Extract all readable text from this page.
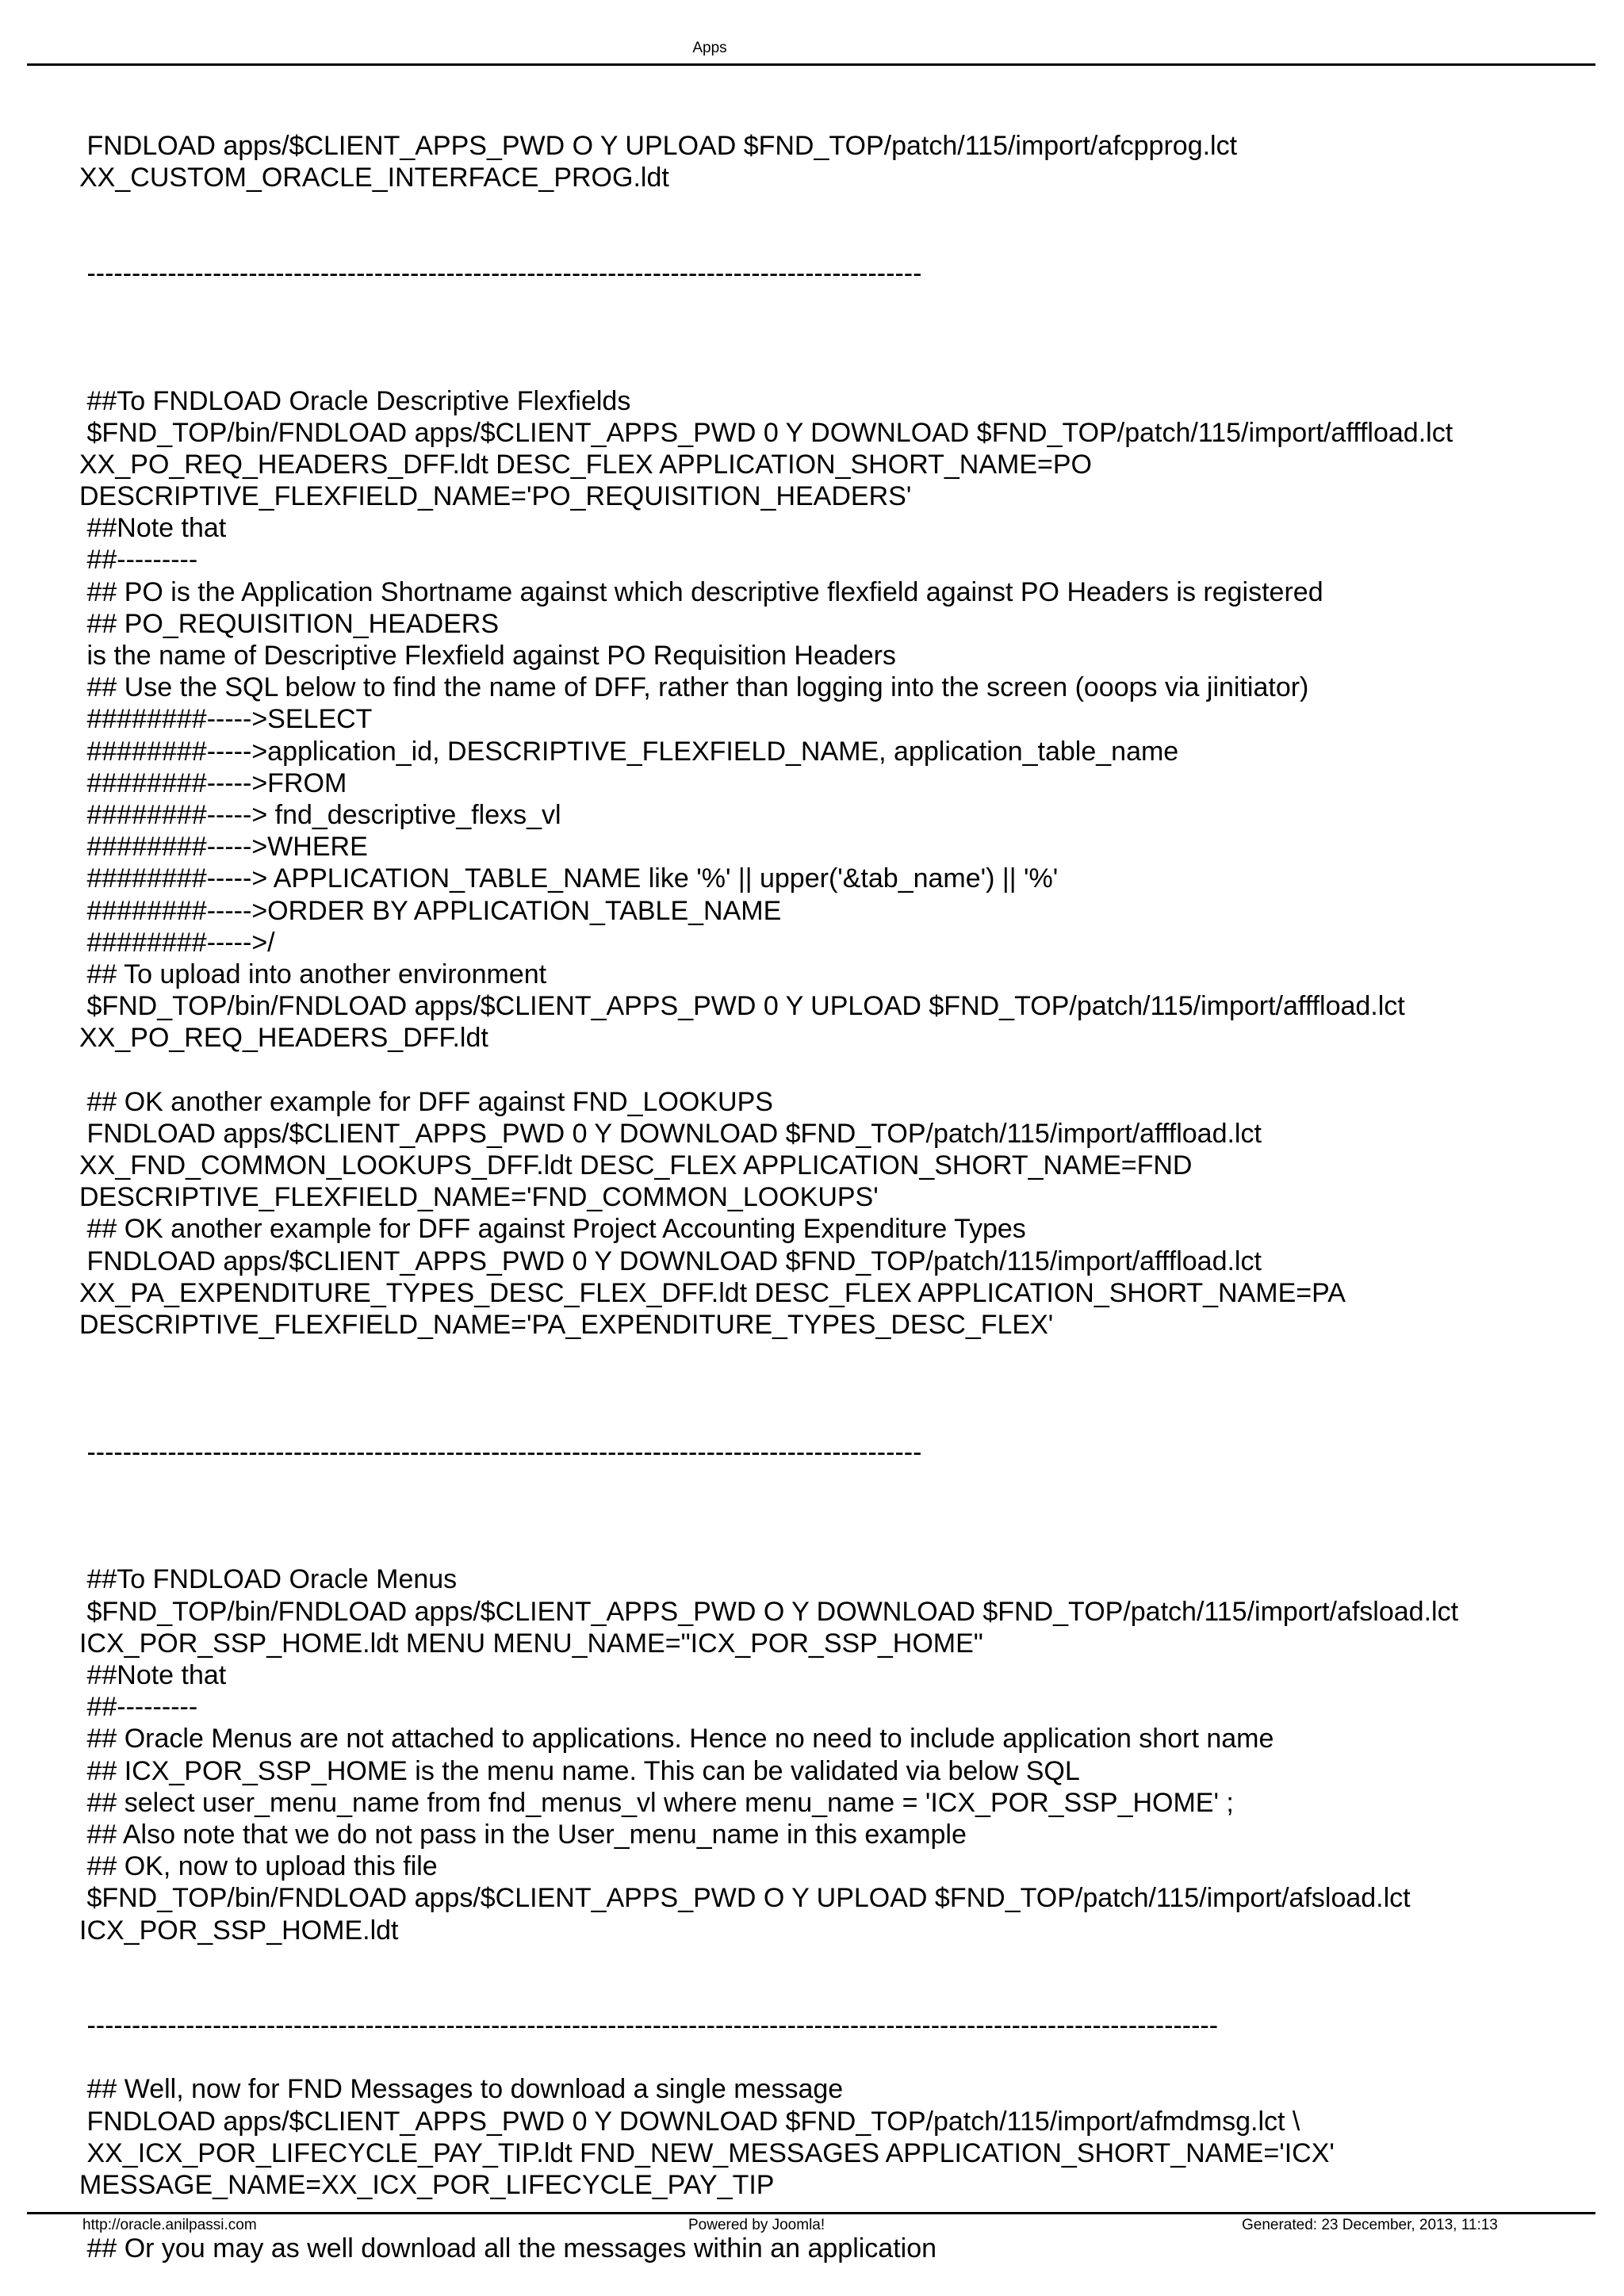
Apps
FNDLOAD apps/$CLIENT_APPS_PWD O Y UPLOAD $FND_TOP/patch/115/import/afcpprog.lct
XX_CUSTOM_ORACLE_INTERFACE_PROG.ldt
---------------------------------------------------------------------------------------------
##To FNDLOAD Oracle Descriptive Flexfields
$FND_TOP/bin/FNDLOAD apps/$CLIENT_APPS_PWD 0 Y DOWNLOAD $FND_TOP/patch/115/import/afffload.lct
XX_PO_REQ_HEADERS_DFF.ldt DESC_FLEX APPLICATION_SHORT_NAME=PO
DESCRIPTIVE_FLEXFIELD_NAME='PO_REQUISITION_HEADERS'
##Note that
##---------
## PO is the Application Shortname against which descriptive flexfield against PO Headers is registered
## PO_REQUISITION_HEADERS
is the name of Descriptive Flexfield against PO Requisition Headers
## Use the SQL below to find the name of DFF, rather than logging into the screen (ooops via jinitiator)
########----->SELECT
########----->application_id, DESCRIPTIVE_FLEXFIELD_NAME, application_table_name
########----->FROM
########-----> fnd_descriptive_flexs_vl
########----->WHERE
########-----> APPLICATION_TABLE_NAME like '%' || upper('&tab_name') || '%'
########----->ORDER BY APPLICATION_TABLE_NAME
########----->/
## To upload into another environment
$FND_TOP/bin/FNDLOAD apps/$CLIENT_APPS_PWD 0 Y UPLOAD $FND_TOP/patch/115/import/afffload.lct
XX_PO_REQ_HEADERS_DFF.ldt
## OK another example for DFF against FND_LOOKUPS
FNDLOAD apps/$CLIENT_APPS_PWD 0 Y DOWNLOAD $FND_TOP/patch/115/import/afffload.lct
XX_FND_COMMON_LOOKUPS_DFF.ldt DESC_FLEX APPLICATION_SHORT_NAME=FND
DESCRIPTIVE_FLEXFIELD_NAME='FND_COMMON_LOOKUPS'
## OK another example for DFF against Project Accounting Expenditure Types
FNDLOAD apps/$CLIENT_APPS_PWD 0 Y DOWNLOAD $FND_TOP/patch/115/import/afffload.lct
XX_PA_EXPENDITURE_TYPES_DESC_FLEX_DFF.ldt DESC_FLEX APPLICATION_SHORT_NAME=PA
DESCRIPTIVE_FLEXFIELD_NAME='PA_EXPENDITURE_TYPES_DESC_FLEX'
---------------------------------------------------------------------------------------------
##To FNDLOAD Oracle Menus
$FND_TOP/bin/FNDLOAD apps/$CLIENT_APPS_PWD O Y DOWNLOAD $FND_TOP/patch/115/import/afsload.lct
ICX_POR_SSP_HOME.ldt MENU MENU_NAME="ICX_POR_SSP_HOME"
##Note that
##---------
## Oracle Menus are not attached to applications. Hence no need to include application short name
## ICX_POR_SSP_HOME is the menu name. This can be validated via below SQL
## select user_menu_name from fnd_menus_vl where menu_name = 'ICX_POR_SSP_HOME' ;
## Also note that we do not pass in the User_menu_name in this example
## OK, now to upload this file
$FND_TOP/bin/FNDLOAD apps/$CLIENT_APPS_PWD O Y UPLOAD $FND_TOP/patch/115/import/afsload.lct
ICX_POR_SSP_HOME.ldt
------------------------------------------------------------------------------------------------------------------------------
## Well, now for FND Messages to download a single message
FNDLOAD apps/$CLIENT_APPS_PWD 0 Y DOWNLOAD $FND_TOP/patch/115/import/afmdmsg.lct \
XX_ICX_POR_LIFECYCLE_PAY_TIP.ldt FND_NEW_MESSAGES APPLICATION_SHORT_NAME='ICX'
MESSAGE_NAME=XX_ICX_POR_LIFECYCLE_PAY_TIP
## Or you may as well download all the messages within an application
http://oracle.anilpassi.com	Powered by Joomla!	Generated: 23 December, 2013, 11:13
